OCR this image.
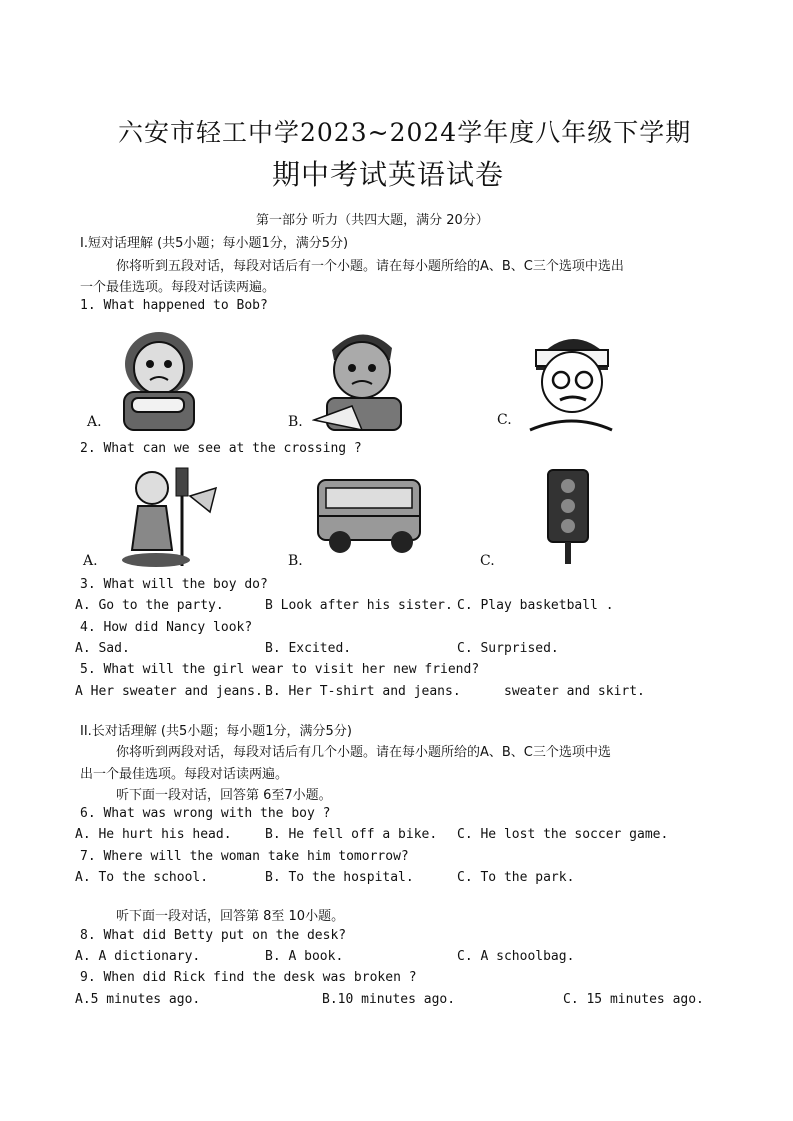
六安市轻工中学2023~2024学年度八年级下学期
期中考试英语试卷
第一部分 听力（共四大题，满分 20分）
I.短对话理解 (共5小题；每小题1分，满分5分)
你将听到五段对话，每段对话后有一个小题。请在每小题所给的A、B、C三个选项中选出
一个最佳选项。每段对话读两遍。
1. What happened to Bob?
A.	B.	C.
2. What can we see at the crossing ?
A.	B.	C.
3. What will the boy do?
A. Go to the party.	B Look after his sister. C. Play basketball .
4. How did Nancy look?
A. Sad.	B. Excited.	C. Surprised.
5. What will the girl wear to visit her new friend?
A Her sweater and jeans. B. Her T-shirt and jeans.	sweater and skirt.
II.长对话理解 (共5小题；每小题1分，满分5分)
你将听到两段对话，每段对话后有几个小题。请在每小题所给的A、B、C三个选项中选
出一个最佳选项。每段对话读两遍。
听下面一段对话，回答第 6至7小题。
6. What was wrong with the boy ?
A. He hurt his head.	B. He fell off a bike. C. He lost the soccer game.
7. Where will the woman take him tomorrow?
A. To the school.	B. To the hospital.	C. To the park.
听下面一段对话，回答第 8至 10小题。
8. What did Betty put on the desk?
A. A dictionary.	B. A book.	C. A schoolbag.
9. When did Rick find the desk was broken ?
A.5 minutes ago.	B.10 minutes ago.	C. 15 minutes ago.
